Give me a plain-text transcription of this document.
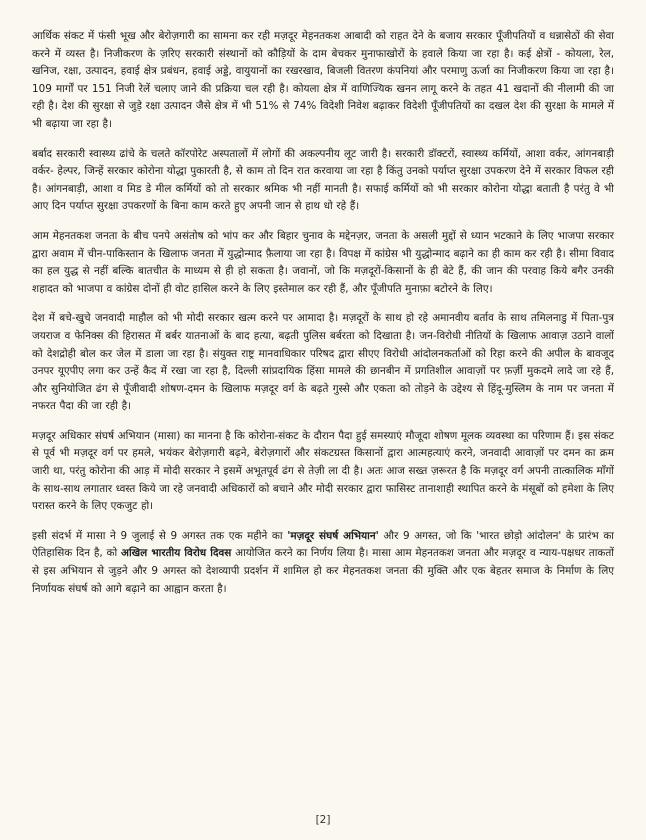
आर्थिक संकट में फंसी भूख और बेरोज़गारी का सामना कर रही मज़दूर मेहनतकश आबादी को राहत देने के बजाय सरकार पूँजीपतियों व धन्नासेठों की सेवा करने में व्यस्त है। निजीकरण के ज़रिए सरकारी संस्थानों को कौड़ियों के दाम बेचकर मुनाफाखोरों के हवाले किया जा रहा है। कई क्षेत्रों - कोयला, रेल, खनिज, रक्षा, उत्पादन, हवाई क्षेत्र प्रबंधन, हवाई अड्डे, वायुयानों का रखरखाव, बिजली वितरण कंपनियां और परमाणु ऊर्जा का निजीकरण किया जा रहा है। 109 मार्गों पर 151 निजी रेलें चलाए जाने की प्रक्रिया चल रही है। कोयला क्षेत्र में वाणिज्यिक खनन लागू करने के तहत 41 खदानों की नीलामी की जा रही है। देश की सुरक्षा से जुड़े रक्षा उत्पादन जैसे क्षेत्र में भी 51% से 74% विदेशी निवेश बढ़ाकर विदेशी पूँजीपतियों का दखल देश की सुरक्षा के मामले में भी बढ़ाया जा रहा है।

बर्बाद सरकारी स्वास्थ्य ढांचे के चलते कॉरपोरेट अस्पतालों में लोगों की अकल्पनीय लूट जारी है। सरकारी डॉक्टरों, स्वास्थ्य कर्मियों, आशा वर्कर, आंगनबाड़ी वर्कर- हेल्पर, जिन्हें सरकार कोरोना योद्धा पुकारती है, से काम तो दिन रात करवाया जा रहा है किंतु उनको पर्याप्त सुरक्षा उपकरण देने में सरकार विफल रही है। आंगनबाड़ी, आशा व मिड डे मील कर्मियों को तो सरकार श्रमिक भी नहीं मानती है। सफाई कर्मियों को भी सरकार कोरोना योद्धा बताती है परंतु वे भी आए दिन पर्याप्त सुरक्षा उपकरणों के बिना काम करते हुए अपनी जान से हाथ धो रहे हैं।

आम मेहनतकश जनता के बीच पनपे असंतोष को भांप कर और बिहार चुनाव के मद्देनज़र, जनता के असली मुद्दों से ध्यान भटकाने के लिए भाजपा सरकार द्वारा अवाम में चीन-पाकिस्तान के खिलाफ जनता में युद्धोन्माद फ़ैलाया जा रहा है। विपक्ष में कांग्रेस भी युद्धोन्माद बढ़ाने का ही काम कर रही है। सीमा विवाद का हल युद्ध से नहीं बल्कि बातचीत के माध्यम से ही हो सकता है। जवानों, जो कि मज़दूरों-किसानों के ही बेटे हैं, की जान की परवाह किये बगैर उनकी शहादत को भाजपा व कांग्रेस दोनों ही वोट हासिल करने के लिए इस्तेमाल कर रही हैं, और पूँजीपति मुनाफ़ा बटोरने के लिए।

देश में बचे-खुचे जनवादी माहौल को भी मोदी सरकार खत्म करने पर आमादा है। मज़दूरों के साथ हो रहे अमानवीय बर्ताव के साथ तमिलनाडु में पिता-पुत्र जयराज व फेनिक्स की हिरासत में बर्बर यातनाओं के बाद हत्या, बढ़ती पुलिस बर्बरता को दिखाता है। जन-विरोधी नीतियों के खिलाफ आवाज़ उठाने वालों को देशद्रोही बोल कर जेल में डाला जा रहा है। संयुक्त राष्ट्र मानवाधिकार परिषद द्वारा सीएए विरोधी आंदोलनकर्ताओं को रिहा करने की अपील के बावजूद उनपर यूएपीए लगा कर उन्हें कैद में रखा जा रहा है, दिल्ली सांप्रदायिक हिंसा मामले की छानबीन में प्रगतिशील आवाज़ों पर फ़र्ज़ी मुकदमे लादे जा रहे हैं, और सुनियोजित ढंग से पूँजीवादी शोषण-दमन के खिलाफ मज़दूर वर्ग के बढ़ते गुस्से और एकता को तोड़ने के उद्देश्य से हिंदू-मुस्लिम के नाम पर जनता में नफरत पैदा की जा रही है।

मज़दूर अधिकार संघर्ष अभियान (मासा) का मानना है कि कोरोना-संकट के दौरान पैदा हुई समस्याएं मौजूदा शोषण मूलक व्यवस्था का परिणाम हैं। इस संकट से पूर्व भी मज़दूर वर्ग पर हमले, भयंकर बेरोज़गारी बढ़ने, बेरोज़गारों और संकटग्रस्त किसानों द्वारा आत्महत्याएं करने, जनवादी आवाज़ों पर दमन का क्रम जारी था, परंतु कोरोना की आड़ में मोदी सरकार ने इसमें अभूतपूर्व ढंग से तेज़ी ला दी है। अतः आज सख्त ज़रूरत है कि मज़दूर वर्ग अपनी तात्कालिक माँगों के साथ-साथ लगातार ध्वस्त किये जा रहे जनवादी अधिकारों को बचाने और मोदी सरकार द्वारा फासिस्ट तानाशाही स्थापित करने के मंसूबों को हमेशा के लिए परास्त करने के लिए एकजुट हो।

इसी संदर्भ में मासा ने 9 जुलाई से 9 अगस्त तक एक महीने का 'मज़दूर संघर्ष अभियान' और 9 अगस्त, जो कि 'भारत छोड़ो आंदोलन' के प्रारंभ का ऐतिहासिक दिन है, को अखिल भारतीय विरोध दिवस आयोजित करने का निर्णय लिया है। मासा आम मेहनतकश जनता और मज़दूर व न्याय-पक्षधर ताकतों से इस अभियान से जुड़ने और 9 अगस्त को देशव्यापी प्रदर्शन में शामिल हो कर मेहनतकश जनता की मुक्ति और एक बेहतर समाज के निर्माण के लिए निर्णायक संघर्ष को आगे बढ़ाने का आह्वान करता है।

[2]
